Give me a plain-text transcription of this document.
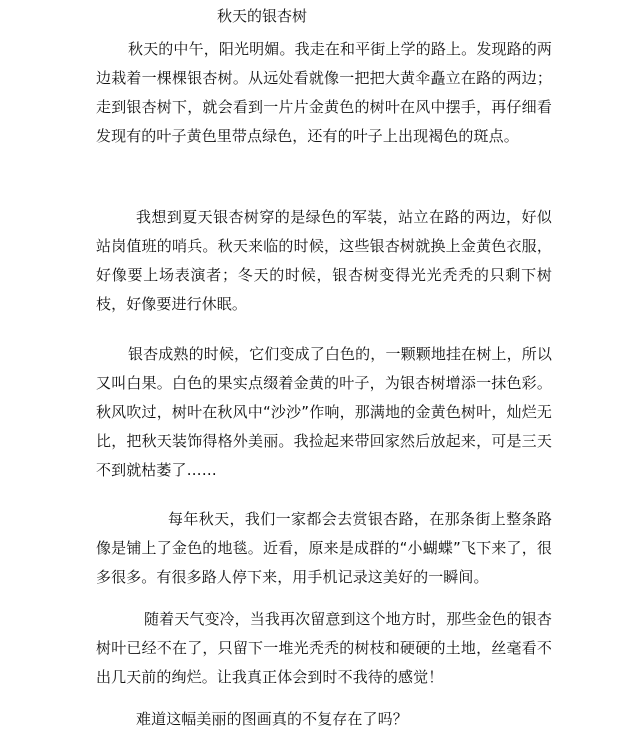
秋天的银杏树

秋天的中午，阳光明媚。我走在和平街上学的路上。发现路的两边栽着一棵棵银杏树。从远处看就像一把把大黄伞矗立在路的两边；走到银杏树下，就会看到一片片金黄色的树叶在风中摆手，再仔细看发现有的叶子黄色里带点绿色，还有的叶子上出现褐色的斑点。

我想到夏天银杏树穿的是绿色的军装，站立在路的两边，好似站岗值班的哨兵。秋天来临的时候，这些银杏树就换上金黄色衣服，好像要上场表演者；冬天的时候，银杏树变得光光秃秃的只剩下树枝，好像要进行休眠。

银杏成熟的时候，它们变成了白色的，一颗颗地挂在树上，所以又叫白果。白色的果实点缀着金黄的叶子，为银杏树增添一抹色彩。秋风吹过，树叶在秋风中“沙沙”作响，那满地的金黄色树叶，灿烂无比，把秋天装饰得格外美丽。我捡起来带回家然后放起来，可是三天不到就枯萎了……

每年秋天，我们一家都会去赏银杏路，在那条街上整条路像是铺上了金色的地毯。近看，原来是成群的“小蝴蝶”飞下来了，很多很多。有很多路人停下来，用手机记录这美好的一瞬间。

随着天气变冷，当我再次留意到这个地方时，那些金色的银杏树叶已经不在了，只留下一堆光秃秃的树枝和硬硬的土地，丝毫看不出几天前的绚烂。让我真正体会到时不我待的感觉！

难道这幅美丽的图画真的不复存在了吗？
